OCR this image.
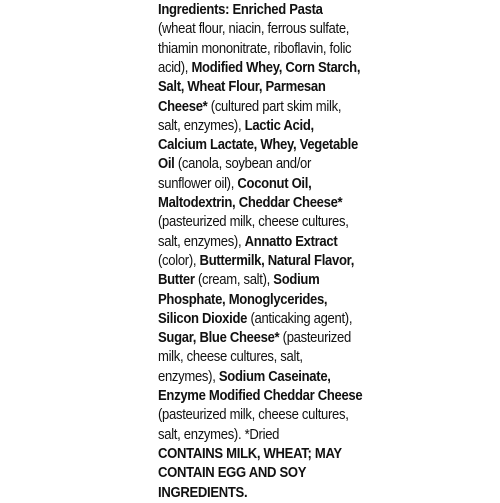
Ingredients: Enriched Pasta
(wheat flour, niacin, ferrous sulfate,
thiamin mononitrate, riboflavin, folic
acid), Modified Whey, Corn Starch,
Salt, Wheat Flour, Parmesan
Cheese* (cultured part skim milk,
salt, enzymes), Lactic Acid,
Calcium Lactate, Whey, Vegetable
Oil (canola, soybean and/or
sunflower oil), Coconut Oil,
Maltodextrin, Cheddar Cheese*
(pasteurized milk, cheese cultures,
salt, enzymes), Annatto Extract
(color), Buttermilk, Natural Flavor,
Butter (cream, salt), Sodium
Phosphate, Monoglycerides,
Silicon Dioxide (anticaking agent),
Sugar, Blue Cheese* (pasteurized
milk, cheese cultures, salt,
enzymes), Sodium Caseinate,
Enzyme Modified Cheddar Cheese
(pasteurized milk, cheese cultures,
salt, enzymes). *Dried
CONTAINS MILK, WHEAT; MAY
CONTAIN EGG AND SOY
INGREDIENTS.
